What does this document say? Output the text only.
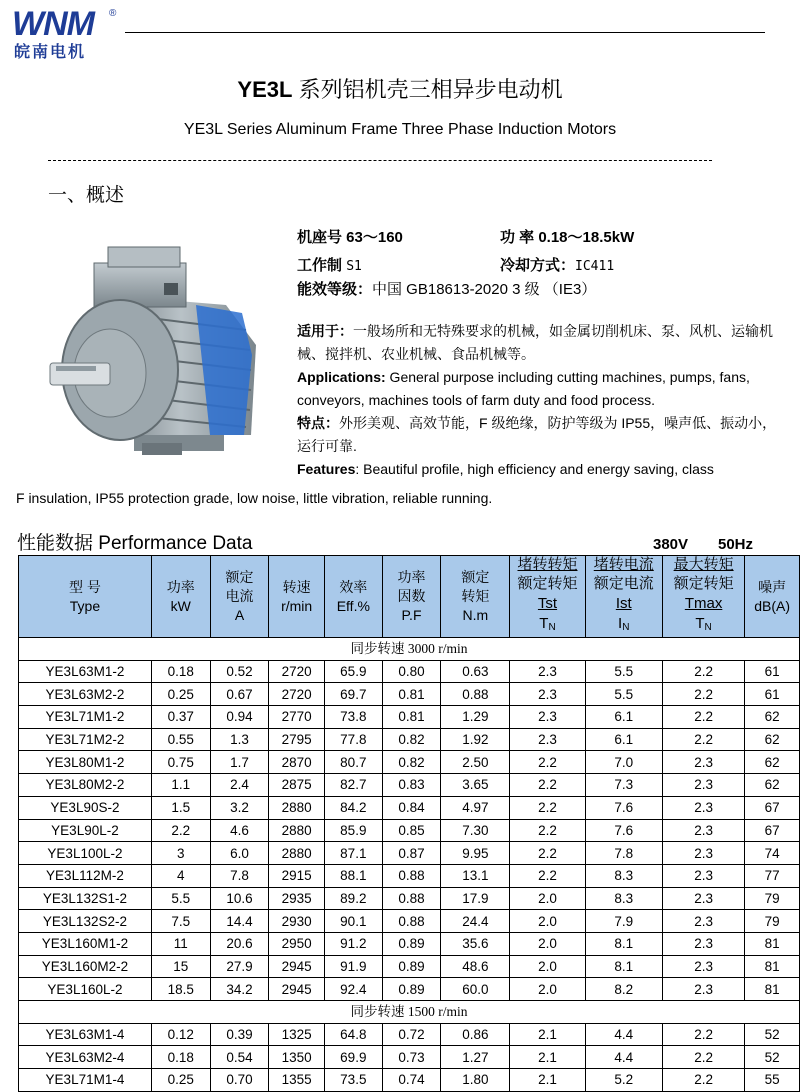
WNM ®
皖南电机
YE3L 系列铝机壳三相异步电动机
YE3L Series Aluminum Frame Three Phase Induction Motors
一、概述
机座号 63～160	功 率 0.18～18.5kW
工作制 S1	冷却方式：IC411
能效等级：中国 GB18613-2020 3 级 （IE3）

适用于：一般场所和无特殊要求的机械，如金属切削机床、泵、风机、运输机械、搅拌机、农业机械、食品机械等。

Applications: General purpose including cutting machines, pumps, fans, conveyors, machines tools of farm duty and food process.

特点：外形美观、高效节能，F 级绝缘，防护等级为 IP55，噪声低、振动小，运行可靠.

Features: Beautiful profile, high efficiency and energy saving, class

F insulation, IP55 protection grade, low noise, little vibration, reliable running.
性能数据 Performance Data	380V 50Hz
型 号
Type	功率
kW	额定
电流
A	转速
r/min	效率
Eff.%	功率
因数
P.F	额定
转矩
N.m	堵转转矩
额定转矩
Tst
$T_N$	堵转电流
额定电流
Ist
$I_N$	最大转矩
额定转矩
Tmax
$T_N$	噪声
dB(A)
同步转速 3000 r/min										
YE3L63M1-2	0.18	0.52	2720	65.9	0.80	0.63	2.3	5.5	2.2	61
YE3L63M2-2	0.25	0.67	2720	69.7	0.81	0.88	2.3	5.5	2.2	61
YE3L71M1-2	0.37	0.94	2770	73.8	0.81	1.29	2.3	6.1	2.2	62
YE3L71M2-2	0.55	1.3	2795	77.8	0.82	1.92	2.3	6.1	2.2	62
YE3L80M1-2	0.75	1.7	2870	80.7	0.82	2.50	2.2	7.0	2.3	62
YE3L80M2-2	1.1	2.4	2875	82.7	0.83	3.65	2.2	7.3	2.3	62
YE3L90S-2	1.5	3.2	2880	84.2	0.84	4.97	2.2	7.6	2.3	67
YE3L90L-2	2.2	4.6	2880	85.9	0.85	7.30	2.2	7.6	2.3	67
YE3L100L-2	3	6.0	2880	87.1	0.87	9.95	2.2	7.8	2.3	74
YE3L112M-2	4	7.8	2915	88.1	0.88	13.1	2.2	8.3	2.3	77
YE3L132S1-2	5.5	10.6	2935	89.2	0.88	17.9	2.0	8.3	2.3	79
YE3L132S2-2	7.5	14.4	2930	90.1	0.88	24.4	2.0	7.9	2.3	79
YE3L160M1-2	11	20.6	2950	91.2	0.89	35.6	2.0	8.1	2.3	81
YE3L160M2-2	15	27.9	2945	91.9	0.89	48.6	2.0	8.1	2.3	81
YE3L160L-2	18.5	34.2	2945	92.4	0.89	60.0	2.0	8.2	2.3	81
同步转速 1500 r/min										
YE3L63M1-4	0.12	0.39	1325	64.8	0.72	0.86	2.1	4.4	2.2	52
YE3L63M2-4	0.18	0.54	1350	69.9	0.73	1.27	2.1	4.4	2.2	52
YE3L71M1-4	0.25	0.70	1355	73.5	0.74	1.80	2.1	5.2	2.2	55
